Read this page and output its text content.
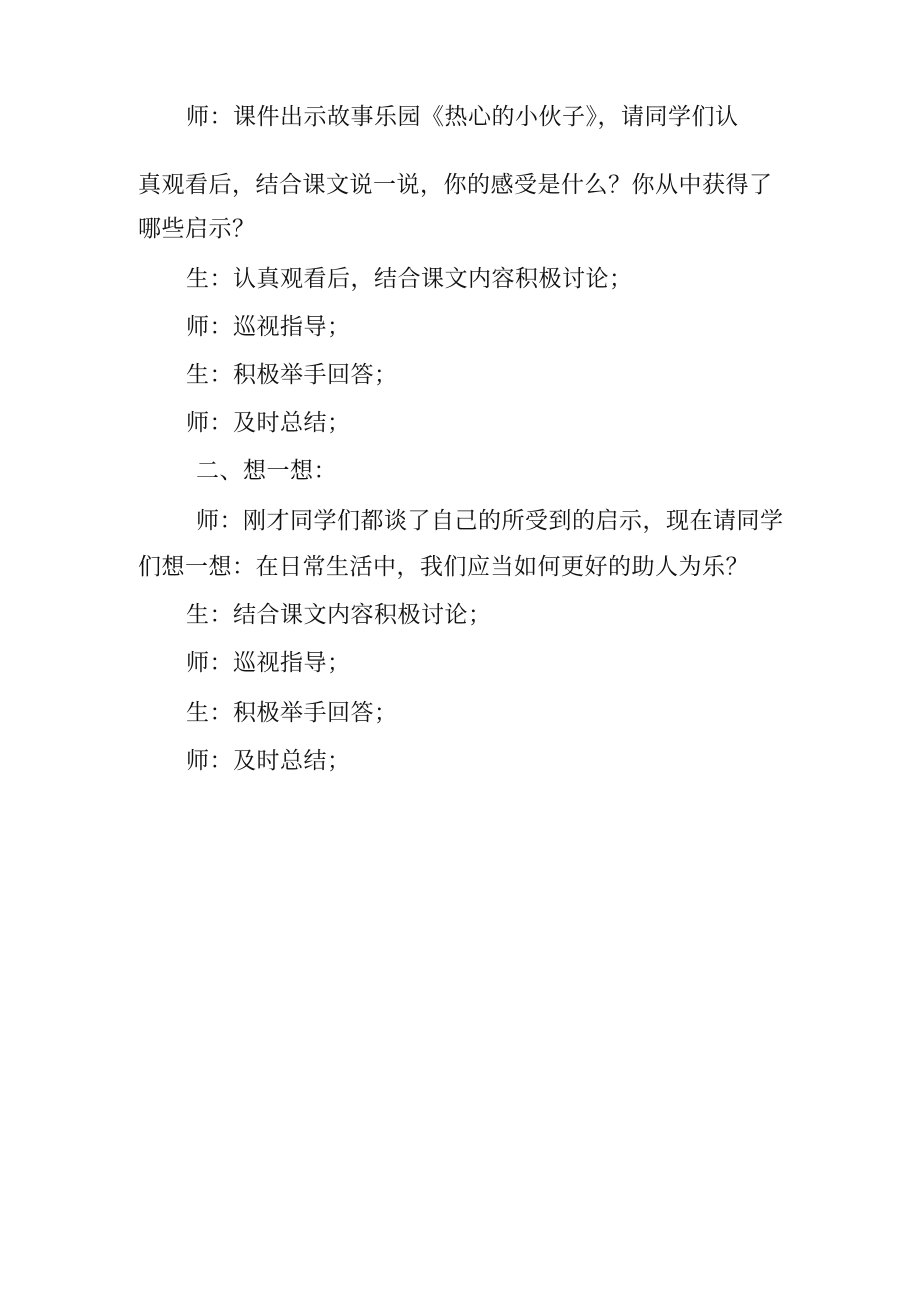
师：课件出示故事乐园《热心的小伙子》，请同学们认
真观看后，结合课文说一说，你的感受是什么？你从中获得了
哪些启示？
生：认真观看后，结合课文内容积极讨论；
师：巡视指导；
生：积极举手回答；
师：及时总结；
二、想一想：
师：刚才同学们都谈了自己的所受到的启示，现在请同学
们想一想：在日常生活中，我们应当如何更好的助人为乐？
生：结合课文内容积极讨论；
师：巡视指导；
生：积极举手回答；
师：及时总结；
